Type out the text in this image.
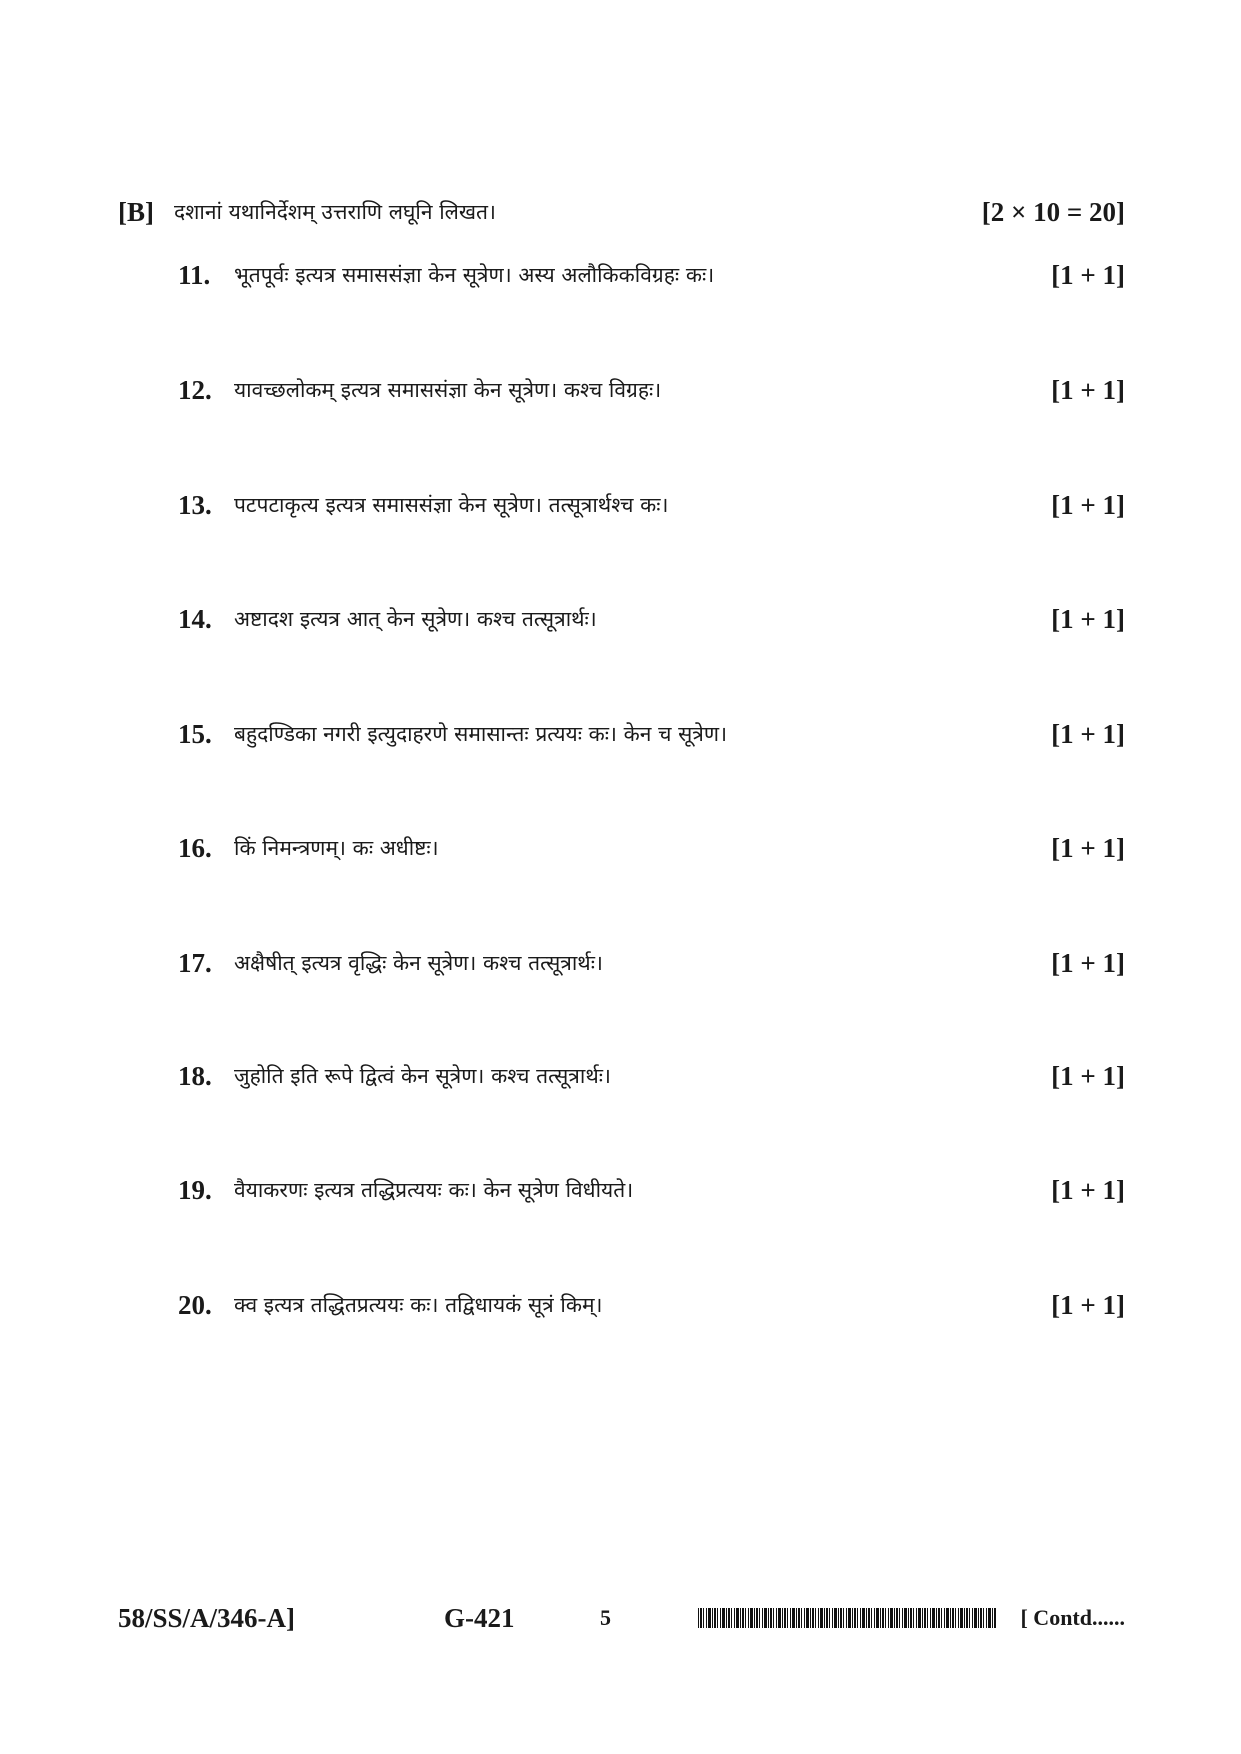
[B] दशानां यथानिर्देशम् उत्तराणि लघूनि लिखत।	[2 × 10 = 20]
11. भूतपूर्वः इत्यत्र समाससंज्ञा केन सूत्रेण। अस्य अलौकिकविग्रहः कः।	[1 + 1]
12. यावच्छलोकम् इत्यत्र समाससंज्ञा केन सूत्रेण। कश्च विग्रहः।	[1 + 1]
13. पटपटाकृत्य इत्यत्र समाससंज्ञा केन सूत्रेण। तत्सूत्रार्थश्च कः।	[1 + 1]
14. अष्टादश इत्यत्र आत् केन सूत्रेण। कश्च तत्सूत्रार्थः।	[1 + 1]
15. बहुदण्डिका नगरी इत्युदाहरणे समासान्तः प्रत्ययः कः। केन च सूत्रेण।	[1 + 1]
16. किं निमन्त्रणम्। कः अधीष्टः।	[1 + 1]
17. अक्षैषीत् इत्यत्र वृद्धिः केन सूत्रेण। कश्च तत्सूत्रार्थः।	[1 + 1]
18. जुहोति इति रूपे द्वित्वं केन सूत्रेण। कश्च तत्सूत्रार्थः।	[1 + 1]
19. वैयाकरणः इत्यत्र तद्धिप्रत्ययः कः। केन सूत्रेण विधीयते।	[1 + 1]
20. क्व इत्यत्र तद्धितप्रत्ययः कः। तद्विधायकं सूत्रं किम्।	[1 + 1]
58/SS/A/346-A]	G-421	5	[ Contd......
